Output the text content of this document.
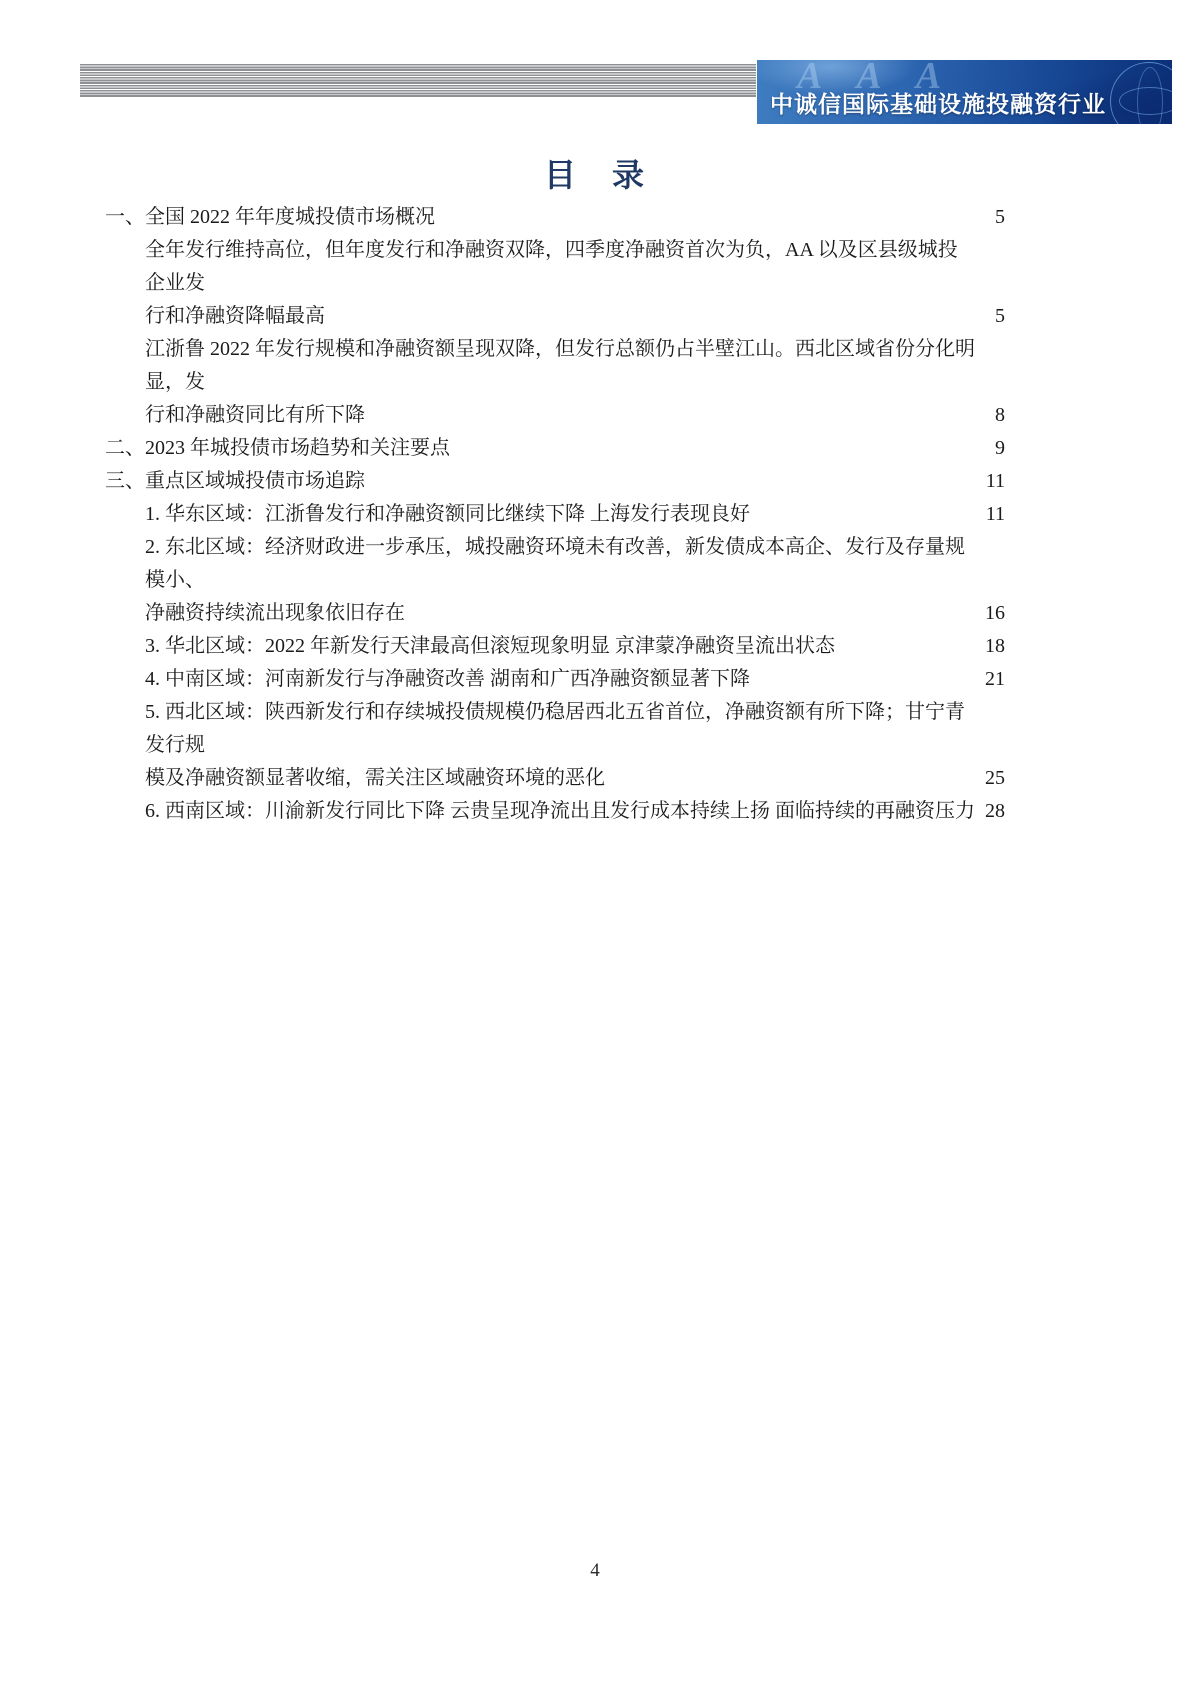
AAA
中诚信国际基础设施投融资行业
目　录
一、全国 2022 年年度城投债市场概况	5
全年发行维持高位，但年度发行和净融资双降，四季度净融资首次为负，AA 以及区县级城投企业发
行和净融资降幅最高	5
江浙鲁 2022 年发行规模和净融资额呈现双降，但发行总额仍占半壁江山。西北区域省份分化明显，发
行和净融资同比有所下降	8
二、2023 年城投债市场趋势和关注要点	9
三、重点区域城投债市场追踪	11
1. 华东区域：江浙鲁发行和净融资额同比继续下降 上海发行表现良好	11
2. 东北区域：经济财政进一步承压，城投融资环境未有改善，新发债成本高企、发行及存量规模小、
净融资持续流出现象依旧存在	16
3. 华北区域：2022 年新发行天津最高但滚短现象明显 京津蒙净融资呈流出状态	18
4. 中南区域：河南新发行与净融资改善 湖南和广西净融资额显著下降	21
5. 西北区域：陕西新发行和存续城投债规模仍稳居西北五省首位，净融资额有所下降；甘宁青发行规
模及净融资额显著收缩，需关注区域融资环境的恶化	25
6. 西南区域：川渝新发行同比下降 云贵呈现净流出且发行成本持续上扬 面临持续的再融资压力 28
4
